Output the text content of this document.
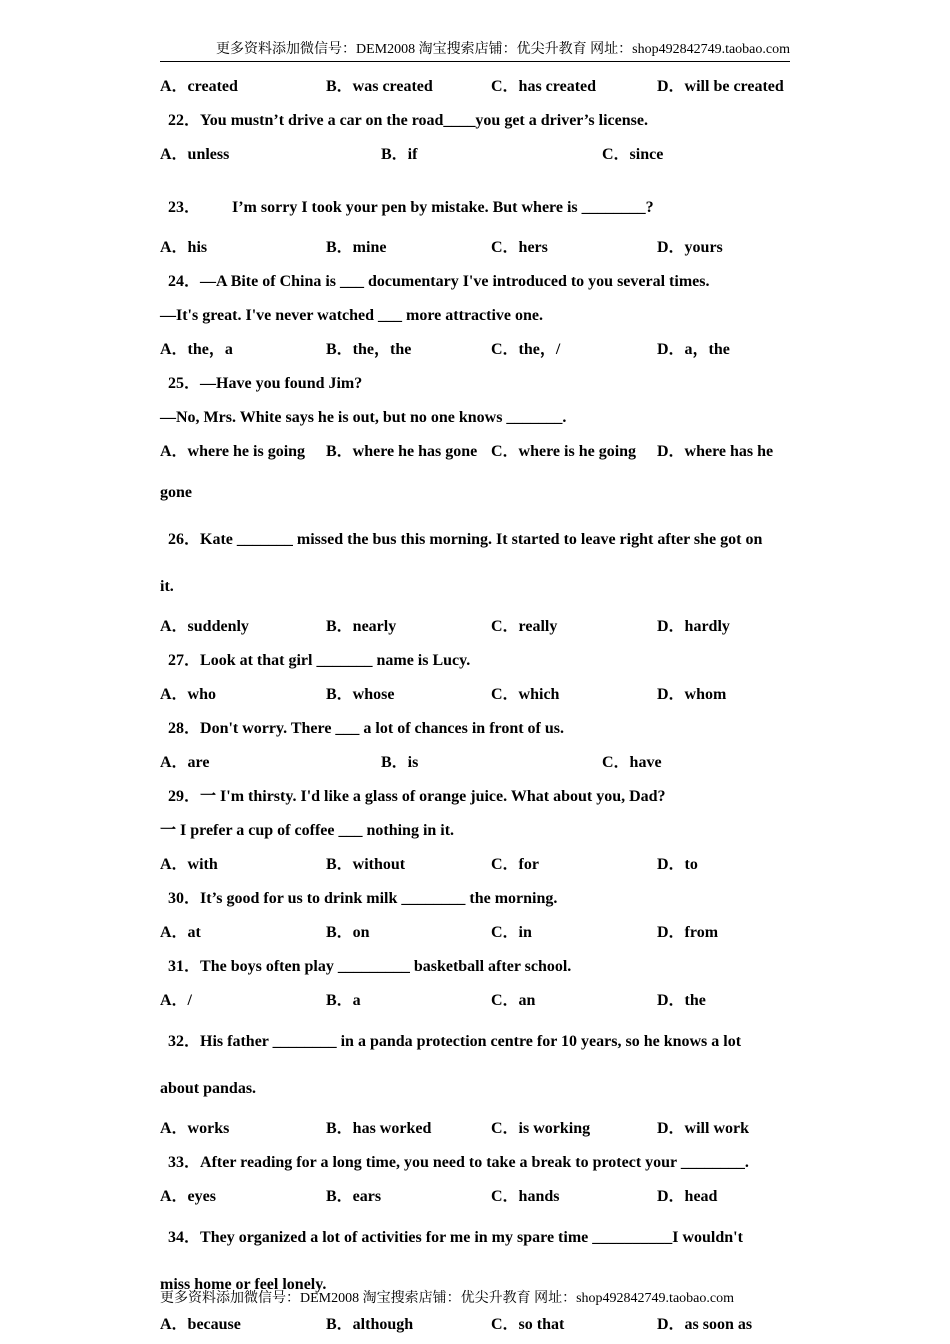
更多资料添加微信号：DEM2008 淘宝搜索店铺：优尖升教育 网址：shop492842749.taobao.com
A．created	B．was created	C．has created	D．will be created
22．You mustn’t drive a car on the road____you get a driver’s license.
A．unless	B．if	C．since
23． I’m sorry I took your pen by mistake. But where is ________?
A．his	B．mine	C．hers	D．yours
24．—A Bite of China is ___ documentary I've introduced to you several times.
—It's great. I've never watched ___ more attractive one.
A．the，a	B．the，the	C．the，/	D．a，the
25．—Have you found Jim?
—No, Mrs. White says he is out, but no one knows _______.
A．where he is going B．where he has gone C．where is he going D．where has he
gone
26．Kate _______ missed the bus this morning. It started to leave right after she got on
it.
A．suddenly	B．nearly	C．really	D．hardly
27．Look at that girl _______ name is Lucy.
A．who	B．whose	C．which	D．whom
28．Don't worry. There ___ a lot of chances in front of us.
A．are	B．is	C．have
29．一 I'm thirsty. I'd like a glass of orange juice. What about you, Dad?
一 I prefer a cup of coffee ___ nothing in it.
A．with	B．without	C．for	D．to
30．It’s good for us to drink milk ________ the morning.
A．at	B．on	C．in	D．from
31．The boys often play _________ basketball after school.
A．/	B．a	C．an	D．the
32．His father ________ in a panda protection centre for 10 years, so he knows a lot
about pandas.
A．works	B．has worked	C．is working	D．will work
33．After reading for a long time, you need to take a break to protect your ________.
A．eyes	B．ears	C．hands	D．head
34．They organized a lot of activities for me in my spare time __________I wouldn't
miss home or feel lonely.
A．because	B．although	C．so that	D．as soon as
更多资料添加微信号：DEM2008 淘宝搜索店铺：优尖升教育 网址：shop492842749.taobao.com
